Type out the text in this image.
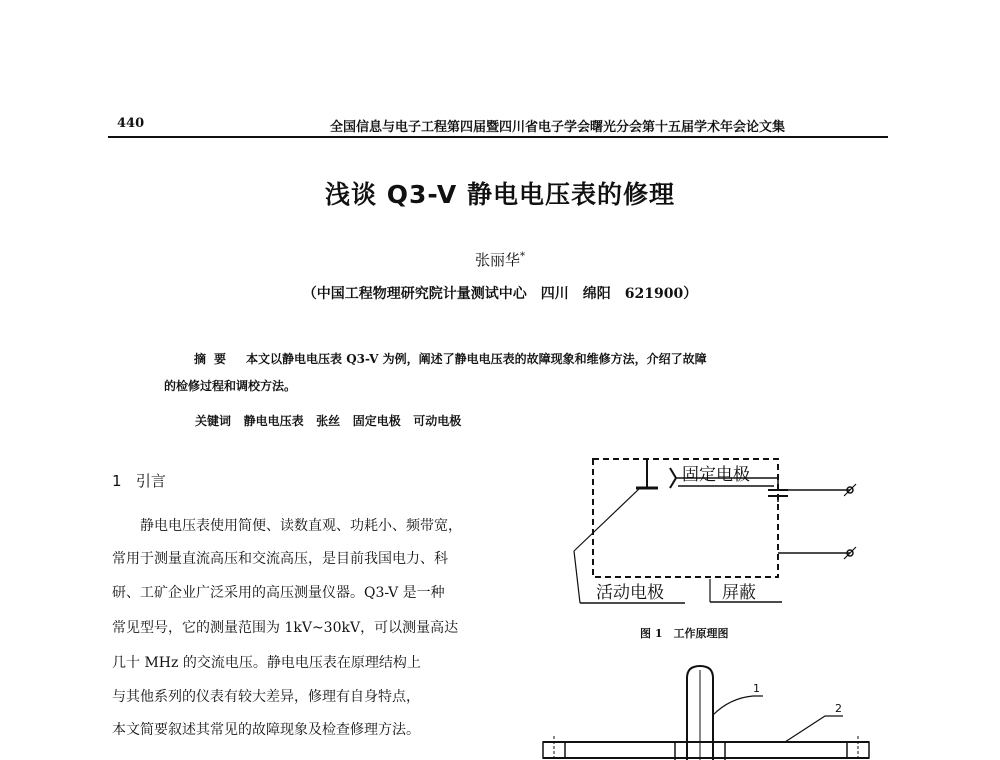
440	全国信息与电子工程第四届暨四川省电子学会曙光分会第十五届学术年会论文集
浅谈 Q3-V 静电电压表的修理
张丽华*
（中国工程物理研究院计量测试中心　四川　绵阳　621900）
摘要 本文以静电电压表 Q3-V 为例，阐述了静电电压表的故障现象和维修方法，介绍了故障
的检修过程和调校方法。
关键词 静电电压表 张丝 固定电极 可动电极
1 引言
　　静电电压表使用简便、读数直观、功耗小、频带宽，
常用于测量直流高压和交流高压，是目前我国电力、科
研、工矿企业广泛采用的高压测量仪器。Q3-V 是一种
常见型号，它的测量范围为 1kV~30kV，可以测量高达
几十 MHz 的交流电压。静电电压表在原理结构上
与其他系列的仪表有较大差异，修理有自身特点，
本文简要叙述其常见的故障现象及检查修理方法。
固定电极
活动电极	屏蔽
图 1　工作原理图
1
2
